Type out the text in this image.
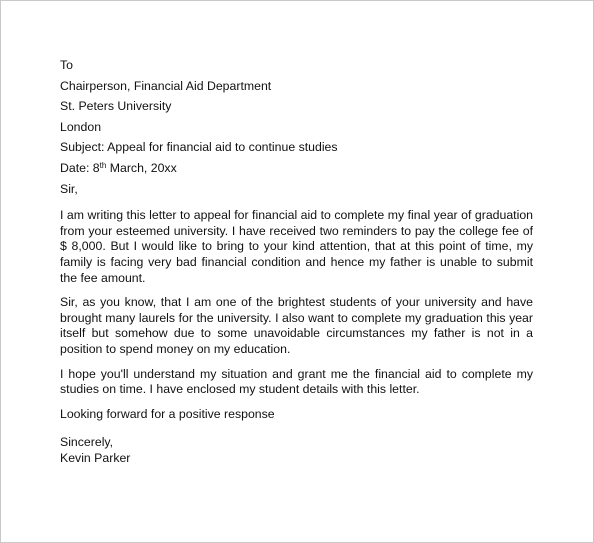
To
Chairperson, Financial Aid Department
St. Peters University
London
Subject: Appeal for financial aid to continue studies
Date: 8th March, 20xx
Sir,
I am writing this letter to appeal for financial aid to complete my final year of graduation from your esteemed university. I have received two reminders to pay the college fee of $ 8,000. But I would like to bring to your kind attention, that at this point of time, my family is facing very bad financial condition and hence my father is unable to submit the fee amount.
Sir, as you know, that I am one of the brightest students of your university and have brought many laurels for the university. I also want to complete my graduation this year itself but somehow due to some unavoidable circumstances my father is not in a position to spend money on my education.
I hope you'll understand my situation and grant me the financial aid to complete my studies on time. I have enclosed my student details with this letter.
Looking forward for a positive response
Sincerely,
Kevin Parker
